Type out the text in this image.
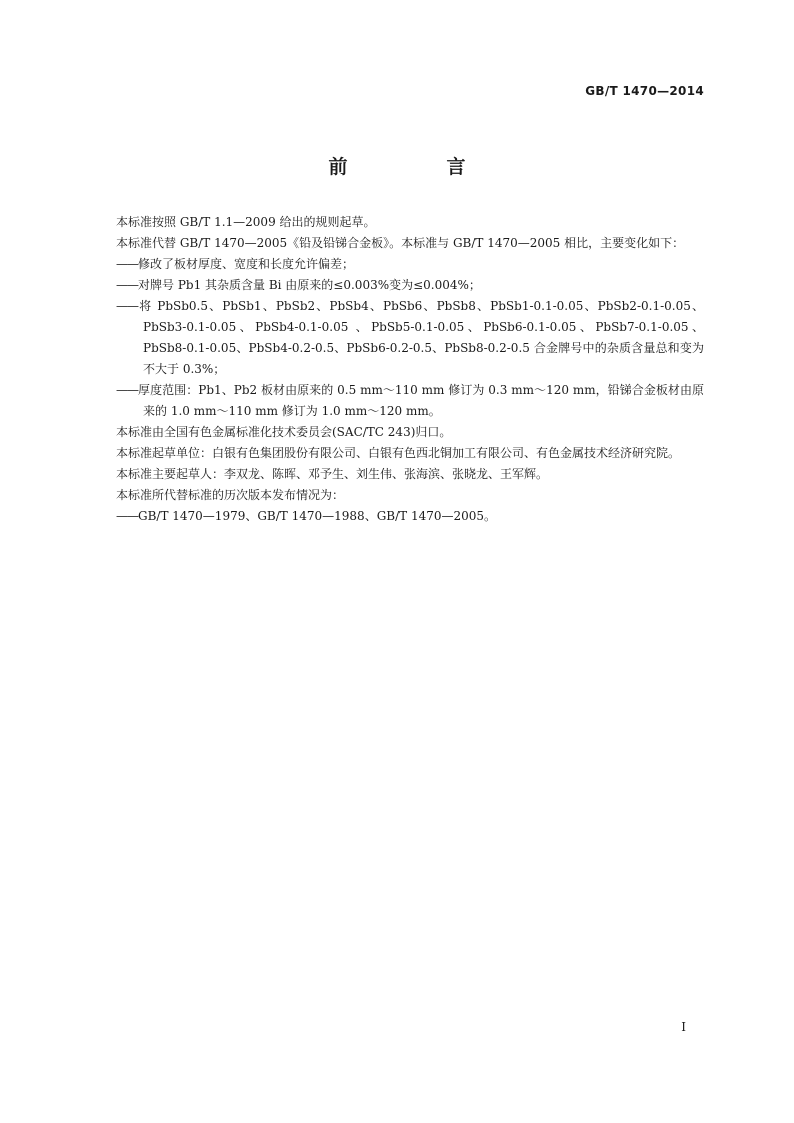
GB/T 1470—2014
前　言

本标准按照 GB/T 1.1—2009 给出的规则起草。

本标准代替 GB/T 1470—2005《铅及铅锑合金板》。本标准与 GB/T 1470—2005 相比，主要变化如下：

——修改了板材厚度、宽度和长度允许偏差；

——对牌号 Pb1 其杂质含量 Bi 由原来的≤0.003%变为≤0.004%；

——将 PbSb0.5、PbSb1、PbSb2、PbSb4、PbSb6、PbSb8、PbSb1-0.1-0.05、PbSb2-0.1-0.05、PbSb3-0.1-0.05、PbSb4-0.1-0.05 、PbSb5-0.1-0.05、PbSb6-0.1-0.05、PbSb7-0.1-0.05、PbSb8-0.1-0.05、PbSb4-0.2-0.5、PbSb6-0.2-0.5、PbSb8-0.2-0.5 合金牌号中的杂质含量总和变为不大于 0.3%；

——厚度范围：Pb1、Pb2 板材由原来的 0.5 mm～110 mm 修订为 0.3 mm～120 mm，铅锑合金板材由原来的 1.0 mm～110 mm 修订为 1.0 mm～120 mm。

本标准由全国有色金属标准化技术委员会(SAC/TC 243)归口。

本标准起草单位：白银有色集团股份有限公司、白银有色西北铜加工有限公司、有色金属技术经济研究院。

本标准主要起草人：李双龙、陈晖、邓予生、刘生伟、张海滨、张晓龙、王军辉。

本标准所代替标准的历次版本发布情况为：

——GB/T 1470—1979、GB/T 1470—1988、GB/T 1470—2005。

I
